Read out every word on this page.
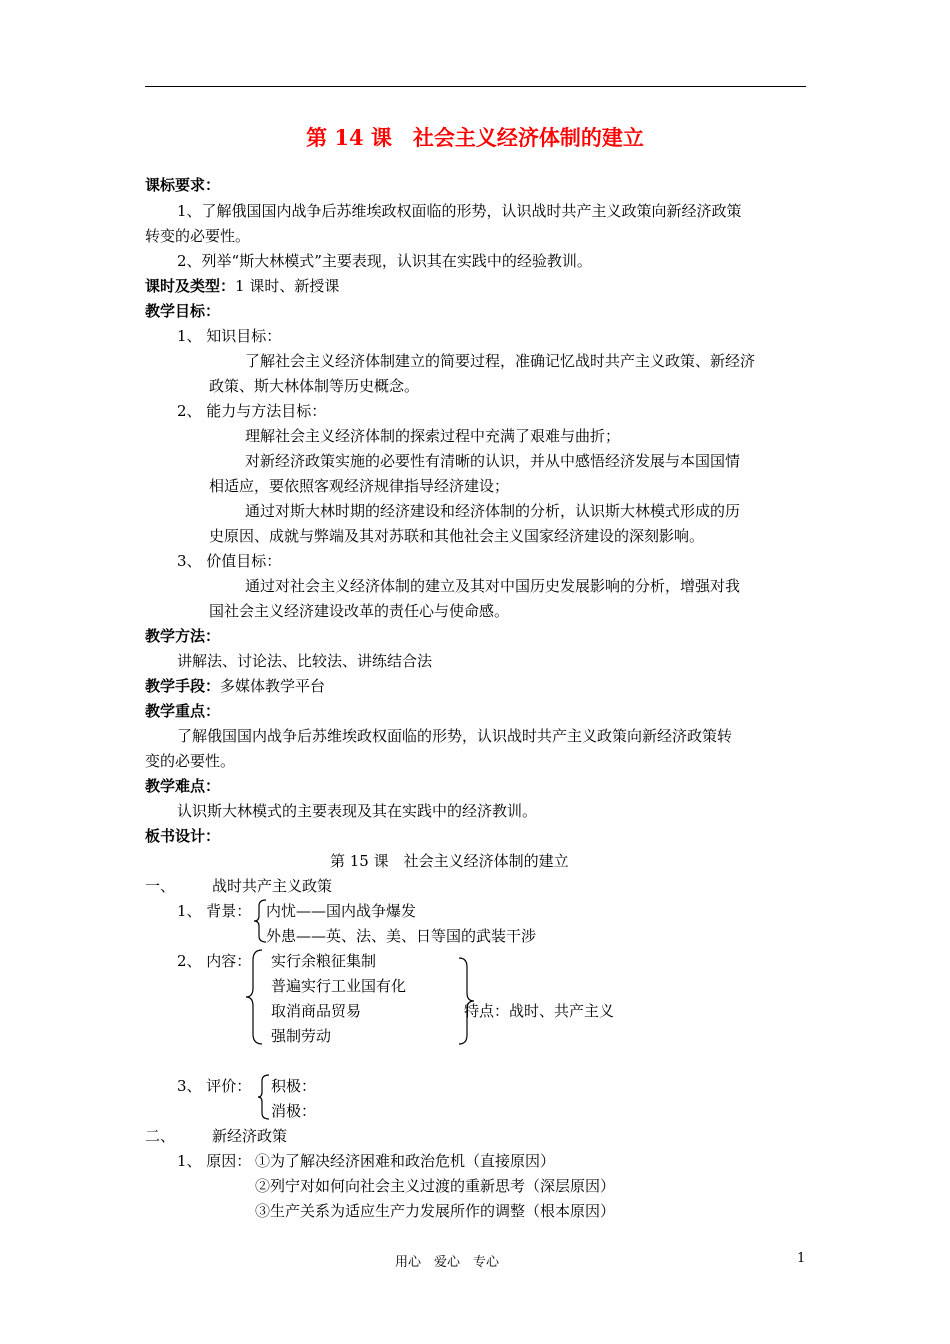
第 14 课　社会主义经济体制的建立
课标要求：
1、了解俄国国内战争后苏维埃政权面临的形势，认识战时共产主义政策向新经济政策
转变的必要性。
2、列举“斯大林模式”主要表现，认识其在实践中的经验教训。
课时及类型：1 课时、新授课
教学目标：
1、 知识目标：
了解社会主义经济体制建立的简要过程，准确记忆战时共产主义政策、新经济
政策、斯大林体制等历史概念。
2、 能力与方法目标：
理解社会主义经济体制的探索过程中充满了艰难与曲折；
对新经济政策实施的必要性有清晰的认识，并从中感悟经济发展与本国国情
相适应，要依照客观经济规律指导经济建设；
通过对斯大林时期的经济建设和经济体制的分析，认识斯大林模式形成的历
史原因、成就与弊端及其对苏联和其他社会主义国家经济建设的深刻影响。
3、 价值目标：
通过对社会主义经济体制的建立及其对中国历史发展影响的分析，增强对我
国社会主义经济建设改革的责任心与使命感。
教学方法：
讲解法、讨论法、比较法、讲练结合法
教学手段：多媒体教学平台
教学重点：
了解俄国国内战争后苏维埃政权面临的形势，认识战时共产主义政策向新经济政策转
变的必要性。
教学难点：
认识斯大林模式的主要表现及其在实践中的经济教训。
板书设计：
第 15 课　社会主义经济体制的建立
一、 战时共产主义政策
1、 背景： 内忧——国内战争爆发
外患——英、法、美、日等国的武装干涉
2、 内容： 实行余粮征集制
普遍实行工业国有化
取消商品贸易
强制劳动
特点：战时、共产主义
3、 评价： 积极：
消极：
二、 新经济政策
1、 原因： ①为了解决经济困难和政治危机（直接原因）
②列宁对如何向社会主义过渡的重新思考（深层原因）
③生产关系为适应生产力发展所作的调整（根本原因）
用心　爱心　专心	1
